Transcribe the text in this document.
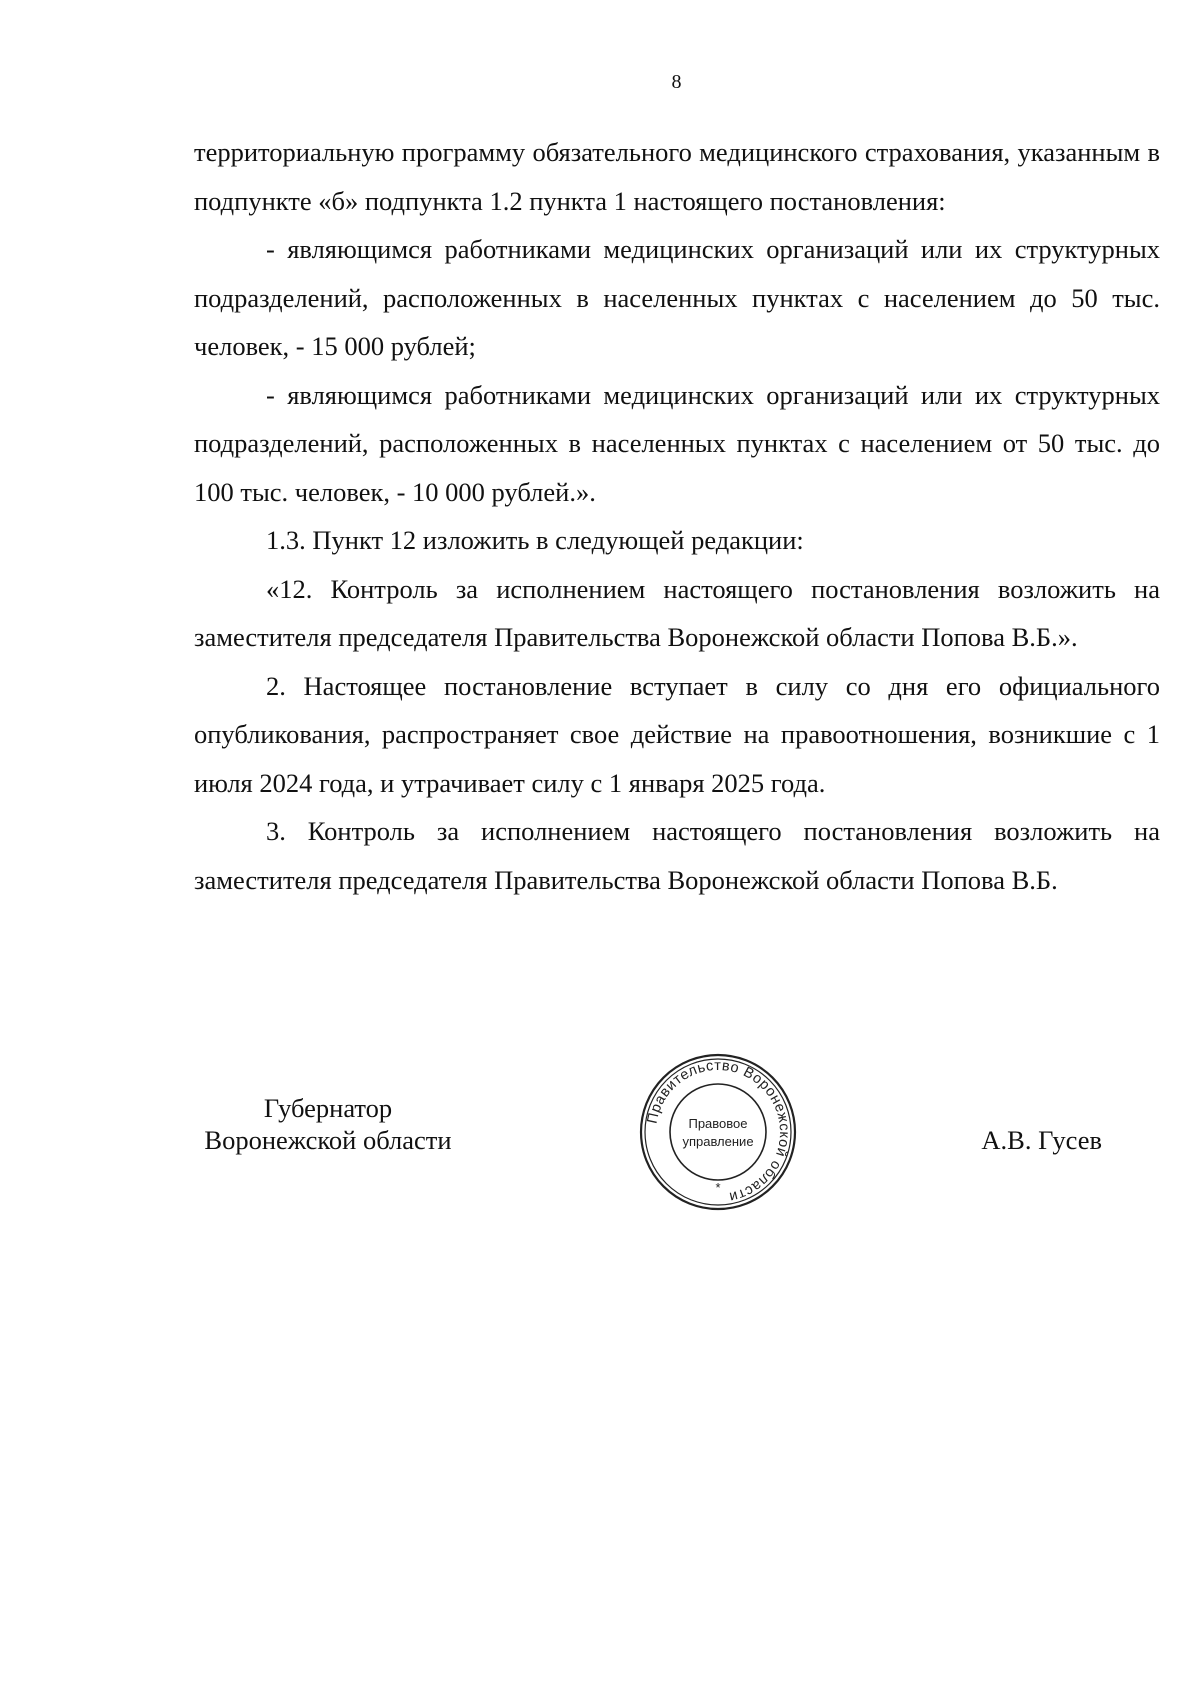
8

территориальную программу обязательного медицинского страхования, указанным в подпункте «б» подпункта 1.2 пункта 1 настоящего постановления:

- являющимся работниками медицинских организаций или их структурных подразделений, расположенных в населенных пунктах с населением до 50 тыс. человек, - 15 000 рублей;

- являющимся работниками медицинских организаций или их структурных подразделений, расположенных в населенных пунктах с населением от 50 тыс. до 100 тыс. человек, - 10 000 рублей.».

1.3. Пункт 12 изложить в следующей редакции:

«12. Контроль за исполнением настоящего постановления возложить на заместителя председателя Правительства Воронежской области Попова В.Б.».

2. Настоящее постановление вступает в силу со дня его официального опубликования, распространяет свое действие на правоотношения, возникшие с 1 июля 2024 года, и утрачивает силу с 1 января 2025 года.

3. Контроль за исполнением настоящего постановления возложить на заместителя председателя Правительства Воронежской области Попова В.Б.

Губернатор
Воронежской области
Правительство Воронежской области
Правовое
управление
*
А.В. Гусев
